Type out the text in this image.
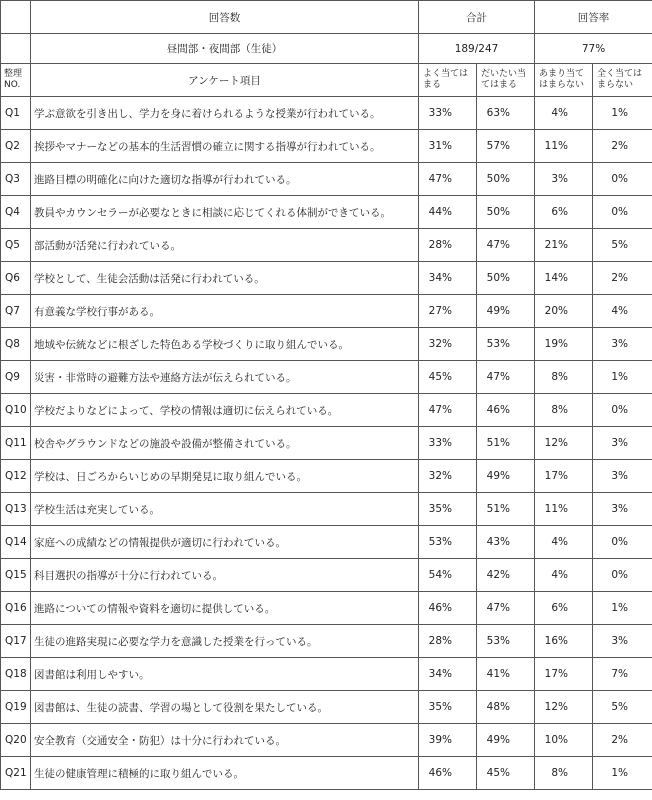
	回答数	合計		回答率	
	昼間部・夜間部（生徒）	189/247		77%	
整理NO.	アンケート項目	よく当てはまる	だいたい当てはまる	あまり当てはまらない	全く当てはまらない
Q1	学ぶ意欲を引き出し、学力を身に着けられるような授業が行われている。	33%	63%	4%	1%
Q2	挨拶やマナーなどの基本的生活習慣の確立に関する指導が行われている。	31%	57%	11%	2%
Q3	進路目標の明確化に向けた適切な指導が行われている。	47%	50%	3%	0%
Q4	教員やカウンセラーが必要なときに相談に応じてくれる体制ができている。	44%	50%	6%	0%
Q5	部活動が活発に行われている。	28%	47%	21%	5%
Q6	学校として、生徒会活動は活発に行われている。	34%	50%	14%	2%
Q7	有意義な学校行事がある。	27%	49%	20%	4%
Q8	地域や伝統などに根ざした特色ある学校づくりに取り組んでいる。	32%	53%	19%	3%
Q9	災害・非常時の避難方法や連絡方法が伝えられている。	45%	47%	8%	1%
Q10	学校だよりなどによって、学校の情報は適切に伝えられている。	47%	46%	8%	0%
Q11	校舎やグラウンドなどの施設や設備が整備されている。	33%	51%	12%	3%
Q12	学校は、日ごろからいじめの早期発見に取り組んでいる。	32%	49%	17%	3%
Q13	学校生活は充実している。	35%	51%	11%	3%
Q14	家庭への成績などの情報提供が適切に行われている。	53%	43%	4%	0%
Q15	科目選択の指導が十分に行われている。	54%	42%	4%	0%
Q16	進路についての情報や資料を適切に提供している。	46%	47%	6%	1%
Q17	生徒の進路実現に必要な学力を意識した授業を行っている。	28%	53%	16%	3%
Q18	図書館は利用しやすい。	34%	41%	17%	7%
Q19	図書館は、生徒の読書、学習の場として役割を果たしている。	35%	48%	12%	5%
Q20	安全教育（交通安全・防犯）は十分に行われている。	39%	49%	10%	2%
Q21	生徒の健康管理に積極的に取り組んでいる。	46%	45%	8%	1%
